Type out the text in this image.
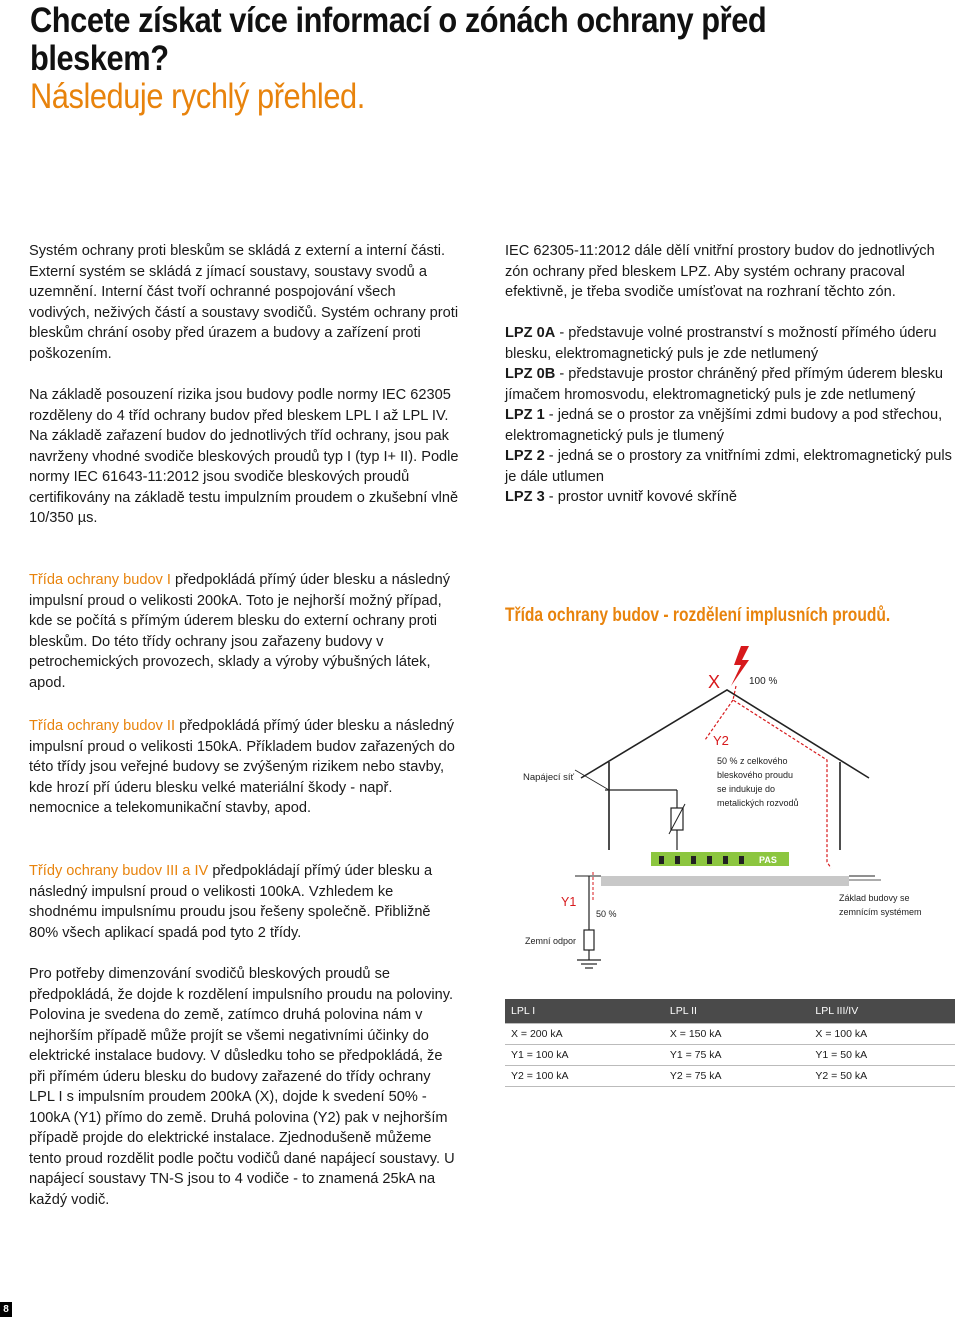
Chcete získat více informací o zónách ochrany před bleskem?
Následuje rychlý přehled.

Systém ochrany proti bleskům se skládá z externí a interní části. Externí systém se skládá z jímací soustavy, soustavy svodů a uzemnění. Interní část tvoří ochranné pospojování všech vodivých, neživých částí a soustavy svodičů. Systém ochrany proti bleskům chrání osoby před úrazem a budovy a zařízení proti poškozením.

Na základě posouzení rizika jsou budovy podle normy IEC 62305 rozděleny do 4 tříd ochrany budov před bleskem LPL I až LPL IV. Na základě zařazení budov do jednotlivých tříd ochrany, jsou pak navrženy vhodné svodiče bleskových proudů typ I (typ I+ II). Podle normy IEC 61643-11:2012 jsou svodiče bleskových proudů certifikovány na základě testu impulzním proudem o zkušební vlně 10/350 µs.

Třída ochrany budov I předpokládá přímý úder blesku a následný impulsní proud o velikosti 200kA. Toto je nejhorší možný případ, kde se počítá s přímým úderem blesku do externí ochrany proti bleskům. Do této třídy ochrany jsou zařazeny budovy v petrochemických provozech, sklady a výroby výbušných látek, apod.

Třída ochrany budov II předpokládá přímý úder blesku a následný impulsní proud o velikosti 150kA. Příkladem budov zařazených do této třídy jsou veřejné budovy se zvýšeným rizikem nebo stavby, kde hrozí pří úderu blesku velké materiální škody - např. nemocnice a telekomunikační stavby, apod.

Třídy ochrany budov III a IV předpokládají přímý úder blesku a následný impulsní proud o velikosti 100kA. Vzhledem ke shodnému impulsnímu proudu jsou řešeny společně. Přibližně 80% všech aplikací spadá pod tyto 2 třídy.

Pro potřeby dimenzování svodičů bleskových proudů se předpokládá, že dojde k rozdělení impulsního proudu na poloviny. Polovina je svedena do země, zatímco druhá polovina nám v nejhorším případě může projít se všemi negativními účinky do elektrické instalace budovy. V důsledku toho se předpokládá, že při přímém úderu blesku do budovy zařazené do třídy ochrany LPL I s impulsním proudem 200kA (X), dojde k svedení 50% - 100kA (Y1) přímo do země. Druhá polovina (Y2) pak v nejhorším případě projde do elektrické instalace. Zjednodušeně můžeme tento proud rozdělit podle počtu vodičů dané napájecí soustavy. U napájecí soustavy TN-S jsou to 4 vodiče - to znamená 25kA na každý vodič.

IEC 62305-11:2012 dále dělí vnitřní prostory budov do jednotlivých zón ochrany před bleskem LPZ. Aby systém ochrany pracoval efektivně, je třeba svodiče umísťovat na rozhraní těchto zón.

LPZ 0A - představuje volné prostranství s možností přímého úderu blesku, elektromagnetický puls je zde netlumený

LPZ 0B - představuje prostor chráněný před přímým úderem blesku jímačem hromosvodu, elektromagnetický puls je zde netlumený

LPZ 1 - jedná se o prostor za vnějšími zdmi budovy a pod střechou, elektromagnetický puls je tlumený

LPZ 2 - jedná se o prostory za vnitřními zdmi, elektromagnetický puls je dále utlumen

LPZ 3 - prostor uvnitř kovové skříně

Třída ochrany budov - rozdělení implusních proudů.
X	100 %
Y2
50 % z celkového
bleskového proudu
se indukuje do
metalických rozvodů
Napájecí síť
PAS
Základ budovy se
zemnícím systémem
Y1
50 %
Zemní odpor
LPL I	LPL II	LPL III/IV
X = 200 kA	X = 150 kA	X = 100 kA
Y1 = 100 kA	Y1 = 75 kA	Y1 = 50 kA
Y2 = 100 kA	Y2 = 75 kA	Y2 = 50 kA
8
